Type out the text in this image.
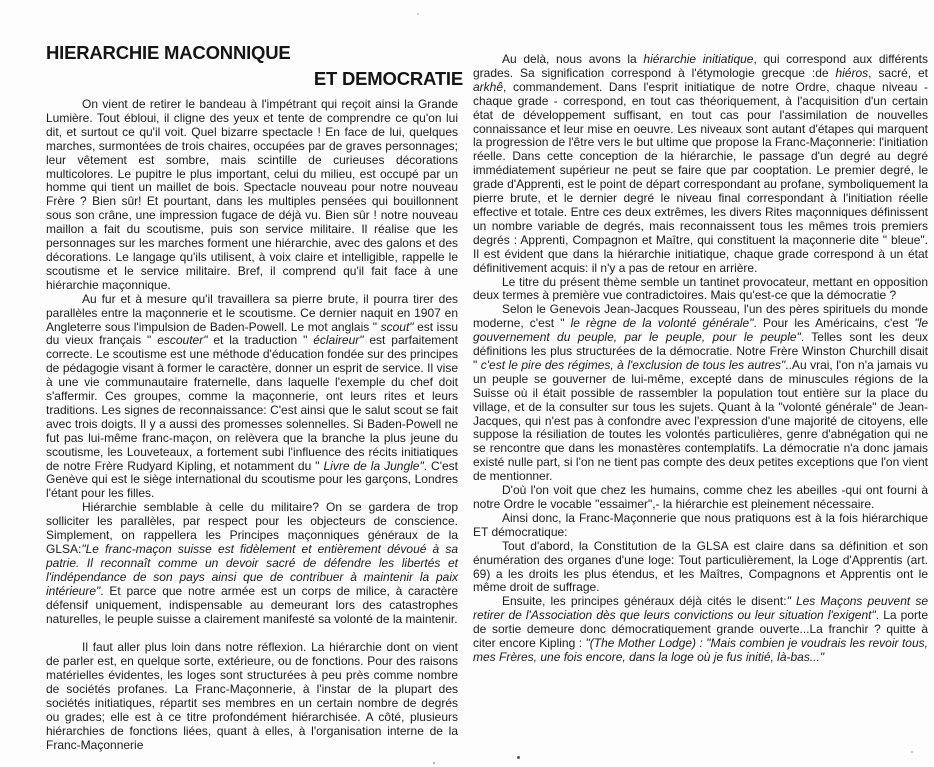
HIERARCHIE MACONNIQUE
ET DEMOCRATIE

On vient de retirer le bandeau à l'impétrant qui reçoit ainsi la Grande Lumière. Tout ébloui, il cligne des yeux et tente de comprendre ce qu'on lui dit, et surtout ce qu'il voit. Quel bizarre spectacle ! En face de lui, quelques marches, surmontées de trois chaires, occupées par de graves personnages; leur vêtement est sombre, mais scintille de curieuses décorations multicolores. Le pupitre le plus important, celui du milieu, est occupé par un homme qui tient un maillet de bois. Spectacle nouveau pour notre nouveau Frère ? Bien sûr! Et pourtant, dans les multiples pensées qui bouillonnent sous son crâne, une impression fugace de déjà vu. Bien sûr ! notre nouveau maillon a fait du scoutisme, puis son service militaire. Il réalise que les personnages sur les marches forment une hiérarchie, avec des galons et des décorations. Le langage qu'ils utilisent, à voix claire et intelligible, rappelle le scoutisme et le service militaire. Bref, il comprend qu'il fait face à une hiérarchie maçonnique.

Au fur et à mesure qu'il travaillera sa pierre brute, il pourra tirer des parallèles entre la maçonnerie et le scoutisme. Ce dernier naquit en 1907 en Angleterre sous l'impulsion de Baden-Powell. Le mot anglais " scout" est issu du vieux français " escouter" et la traduction " éclaireur" est parfaitement correcte. Le scoutisme est une méthode d'éducation fondée sur des principes de pédagogie visant à former le caractère, donner un esprit de service. Il vise à une vie communautaire fraternelle, dans laquelle l'exemple du chef doit s'affermir. Ces groupes, comme la maçonnerie, ont leurs rites et leurs traditions. Les signes de reconnaissance: C'est ainsi que le salut scout se fait avec trois doigts. Il y a aussi des promesses solennelles. Si Baden-Powell ne fut pas lui-même franc-maçon, on relèvera que la branche la plus jeune du scoutisme, les Louveteaux, a fortement subi l'influence des récits initiatiques de notre Frère Rudyard Kipling, et notamment du " Livre de la Jungle". C'est Genève qui est le siège international du scoutisme pour les garçons, Londres l'étant pour les filles.

Hiérarchie semblable à celle du militaire? On se gardera de trop solliciter les parallèles, par respect pour les objecteurs de conscience. Simplement, on rappellera les Principes maçonniques généraux de la GLSA:"Le franc-maçon suisse est fidèlement et entièrement dévoué à sa patrie. Il reconnaît comme un devoir sacré de défendre les libertés et l'indépendance de son pays ainsi que de contribuer à maintenir la paix intérieure". Et parce que notre armée est un corps de milice, à caractère défensif uniquement, indispensable au demeurant lors des catastrophes naturelles, le peuple suisse a clairement manifesté sa volonté de la maintenir.

Il faut aller plus loin dans notre réflexion. La hiérarchie dont on vient de parler est, en quelque sorte, extérieure, ou de fonctions. Pour des raisons matérielles évidentes, les loges sont structurées à peu près comme nombre de sociétés profanes. La Franc-Maçonnerie, à l'instar de la plupart des sociétés initiatiques, répartit ses membres en un certain nombre de degrés ou grades; elle est à ce titre profondément hiérarchisée. A côté, plusieurs hiérarchies de fonctions liées, quant à elles, à l'organisation interne de la Franc-Maçonnerie

Au delà, nous avons la hiérarchie initiatique, qui correspond aux différents grades. Sa signification correspond à l'étymologie grecque :de hiéros, sacré, et arkhê, commandement. Dans l'esprit initiatique de notre Ordre, chaque niveau - chaque grade - correspond, en tout cas théoriquement, à l'acquisition d'un certain état de développement suffisant, en tout cas pour l'assimilation de nouvelles connaissance et leur mise en oeuvre. Les niveaux sont autant d'étapes qui marquent la progression de l'être vers le but ultime que propose la Franc-Maçonnerie: l'initiation réelle. Dans cette conception de la hiérarchie, le passage d'un degré au degré immédiatement supérieur ne peut se faire que par cooptation. Le premier degré, le grade d'Apprenti, est le point de départ correspondant au profane, symboliquement la pierre brute, et le dernier degré le niveau final correspondant à l'initiation réelle effective et totale. Entre ces deux extrêmes, les divers Rites maçonniques définissent un nombre variable de degrés, mais reconnaissent tous les mêmes trois premiers degrés : Apprenti, Compagnon et Maître, qui constituent la maçonnerie dite " bleue". Il est évident que dans la hiérarchie initiatique, chaque grade correspond à un état définitivement acquis: il n'y a pas de retour en arrière.

Le titre du présent thème semble un tantinet provocateur, mettant en opposition deux termes à première vue contradictoires. Mais qu'est-ce que la démocratie ?

Selon le Genevois Jean-Jacques Rousseau, l'un des pères spirituels du monde moderne, c'est " le règne de la volonté générale". Pour les Américains, c'est "le gouvernement du peuple, par le peuple, pour le peuple". Telles sont les deux définitions les plus structurées de la démocratie. Notre Frère Winston Churchill disait " c'est le pire des régimes, à l'exclusion de tous les autres"..Au vrai, l'on n'a jamais vu un peuple se gouverner de lui-même, excepté dans de minuscules régions de la Suisse où il était possible de rassembler la population tout entière sur la place du village, et de la consulter sur tous les sujets. Quant à la "volonté générale" de Jean-Jacques, qui n'est pas à confondre avec l'expression d'une majorité de citoyens, elle suppose la résiliation de toutes les volontés particulières, genre d'abnégation qui ne se rencontre que dans les monastères contemplatifs. La démocratie n'a donc jamais existé nulle part, si l'on ne tient pas compte des deux petites exceptions que l'on vient de mentionner.

D'où l'on voit que chez les humains, comme chez les abeilles -qui ont fourni à notre Ordre le vocable "essaimer",- la hiérarchie est pleinement nécessaire.

Ainsi donc, la Franc-Maçonnerie que nous pratiquons est à la fois hiérarchique ET démocratique:

Tout d'abord, la Constitution de la GLSA est claire dans sa définition et son énumération des organes d'une loge: Tout particulièrement, la Loge d'Apprentis (art. 69) a les droits les plus étendus, et les Maîtres, Compagnons et Apprentis ont le même droit de suffrage.

Ensuite, les principes généraux déjà cités le disent:" Les Maçons peuvent se retirer de l'Association dès que leurs convictions ou leur situation l'exigent". La porte de sortie demeure donc démocratiquement grande ouverte...La franchir ? quitte à citer encore Kipling : "(The Mother Lodge) : "Mais combien je voudrais les revoir tous, mes Frères, une fois encore, dans la loge où je fus initié, là-bas..."
